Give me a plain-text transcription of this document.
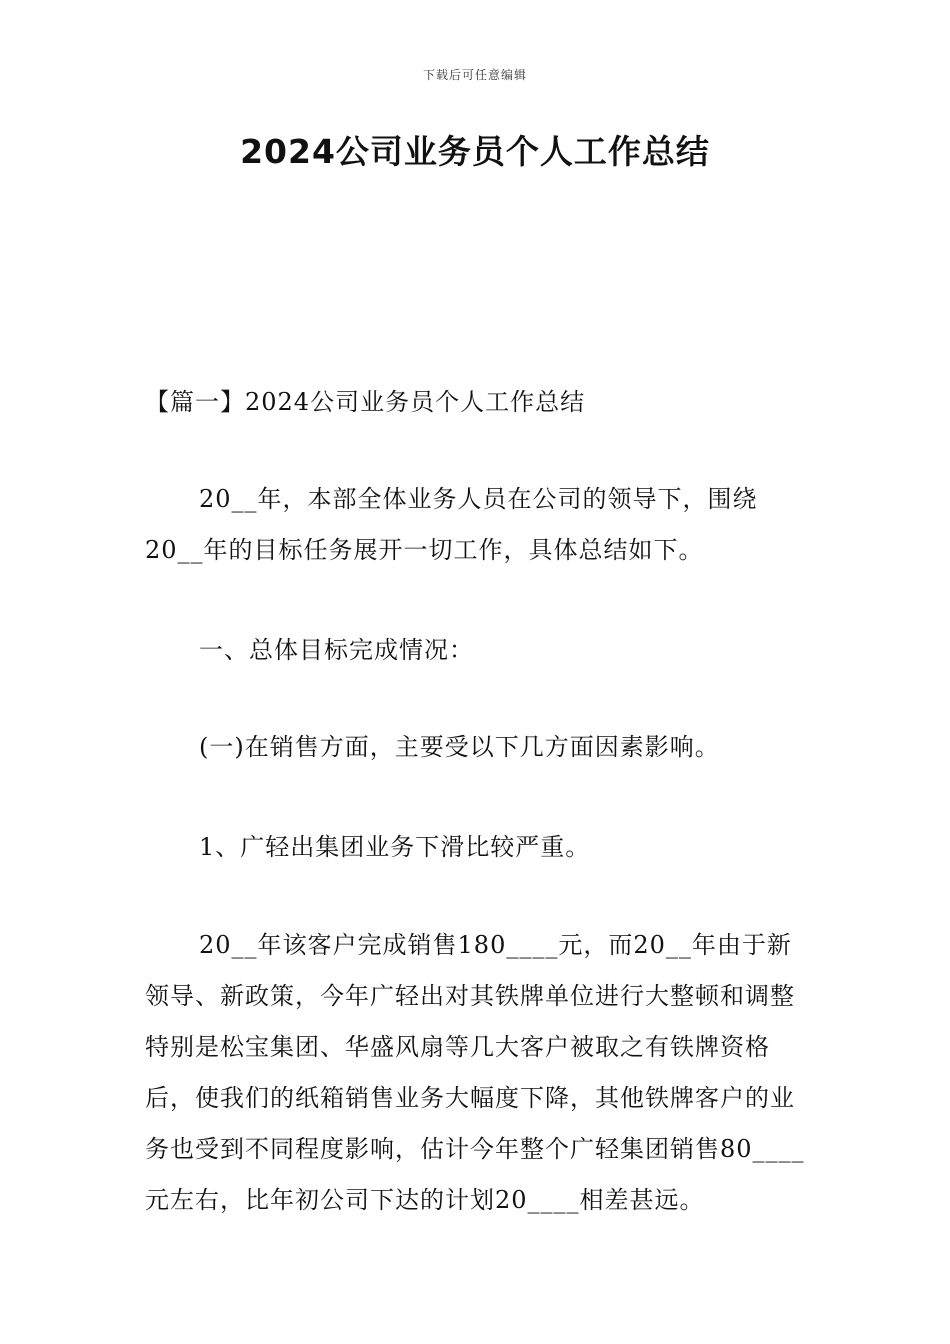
下载后可任意编辑
2024公司业务员个人工作总结
【篇一】2024公司业务员个人工作总结

20__年，本部全体业务人员在公司的领导下，围绕20__年的目标任务展开一切工作，具体总结如下。

一、总体目标完成情况：

(一)在销售方面，主要受以下几方面因素影响。

1、广轻出集团业务下滑比较严重。

20__年该客户完成销售180____元，而20__年由于新领导、新政策，今年广轻出对其铁牌单位进行大整顿和调整特别是松宝集团、华盛风扇等几大客户被取之有铁牌资格后，使我们的纸箱销售业务大幅度下降，其他铁牌客户的业务也受到不同程度影响，估计今年整个广轻集团销售80____元左右，比年初公司下达的计划20____相差甚远。
